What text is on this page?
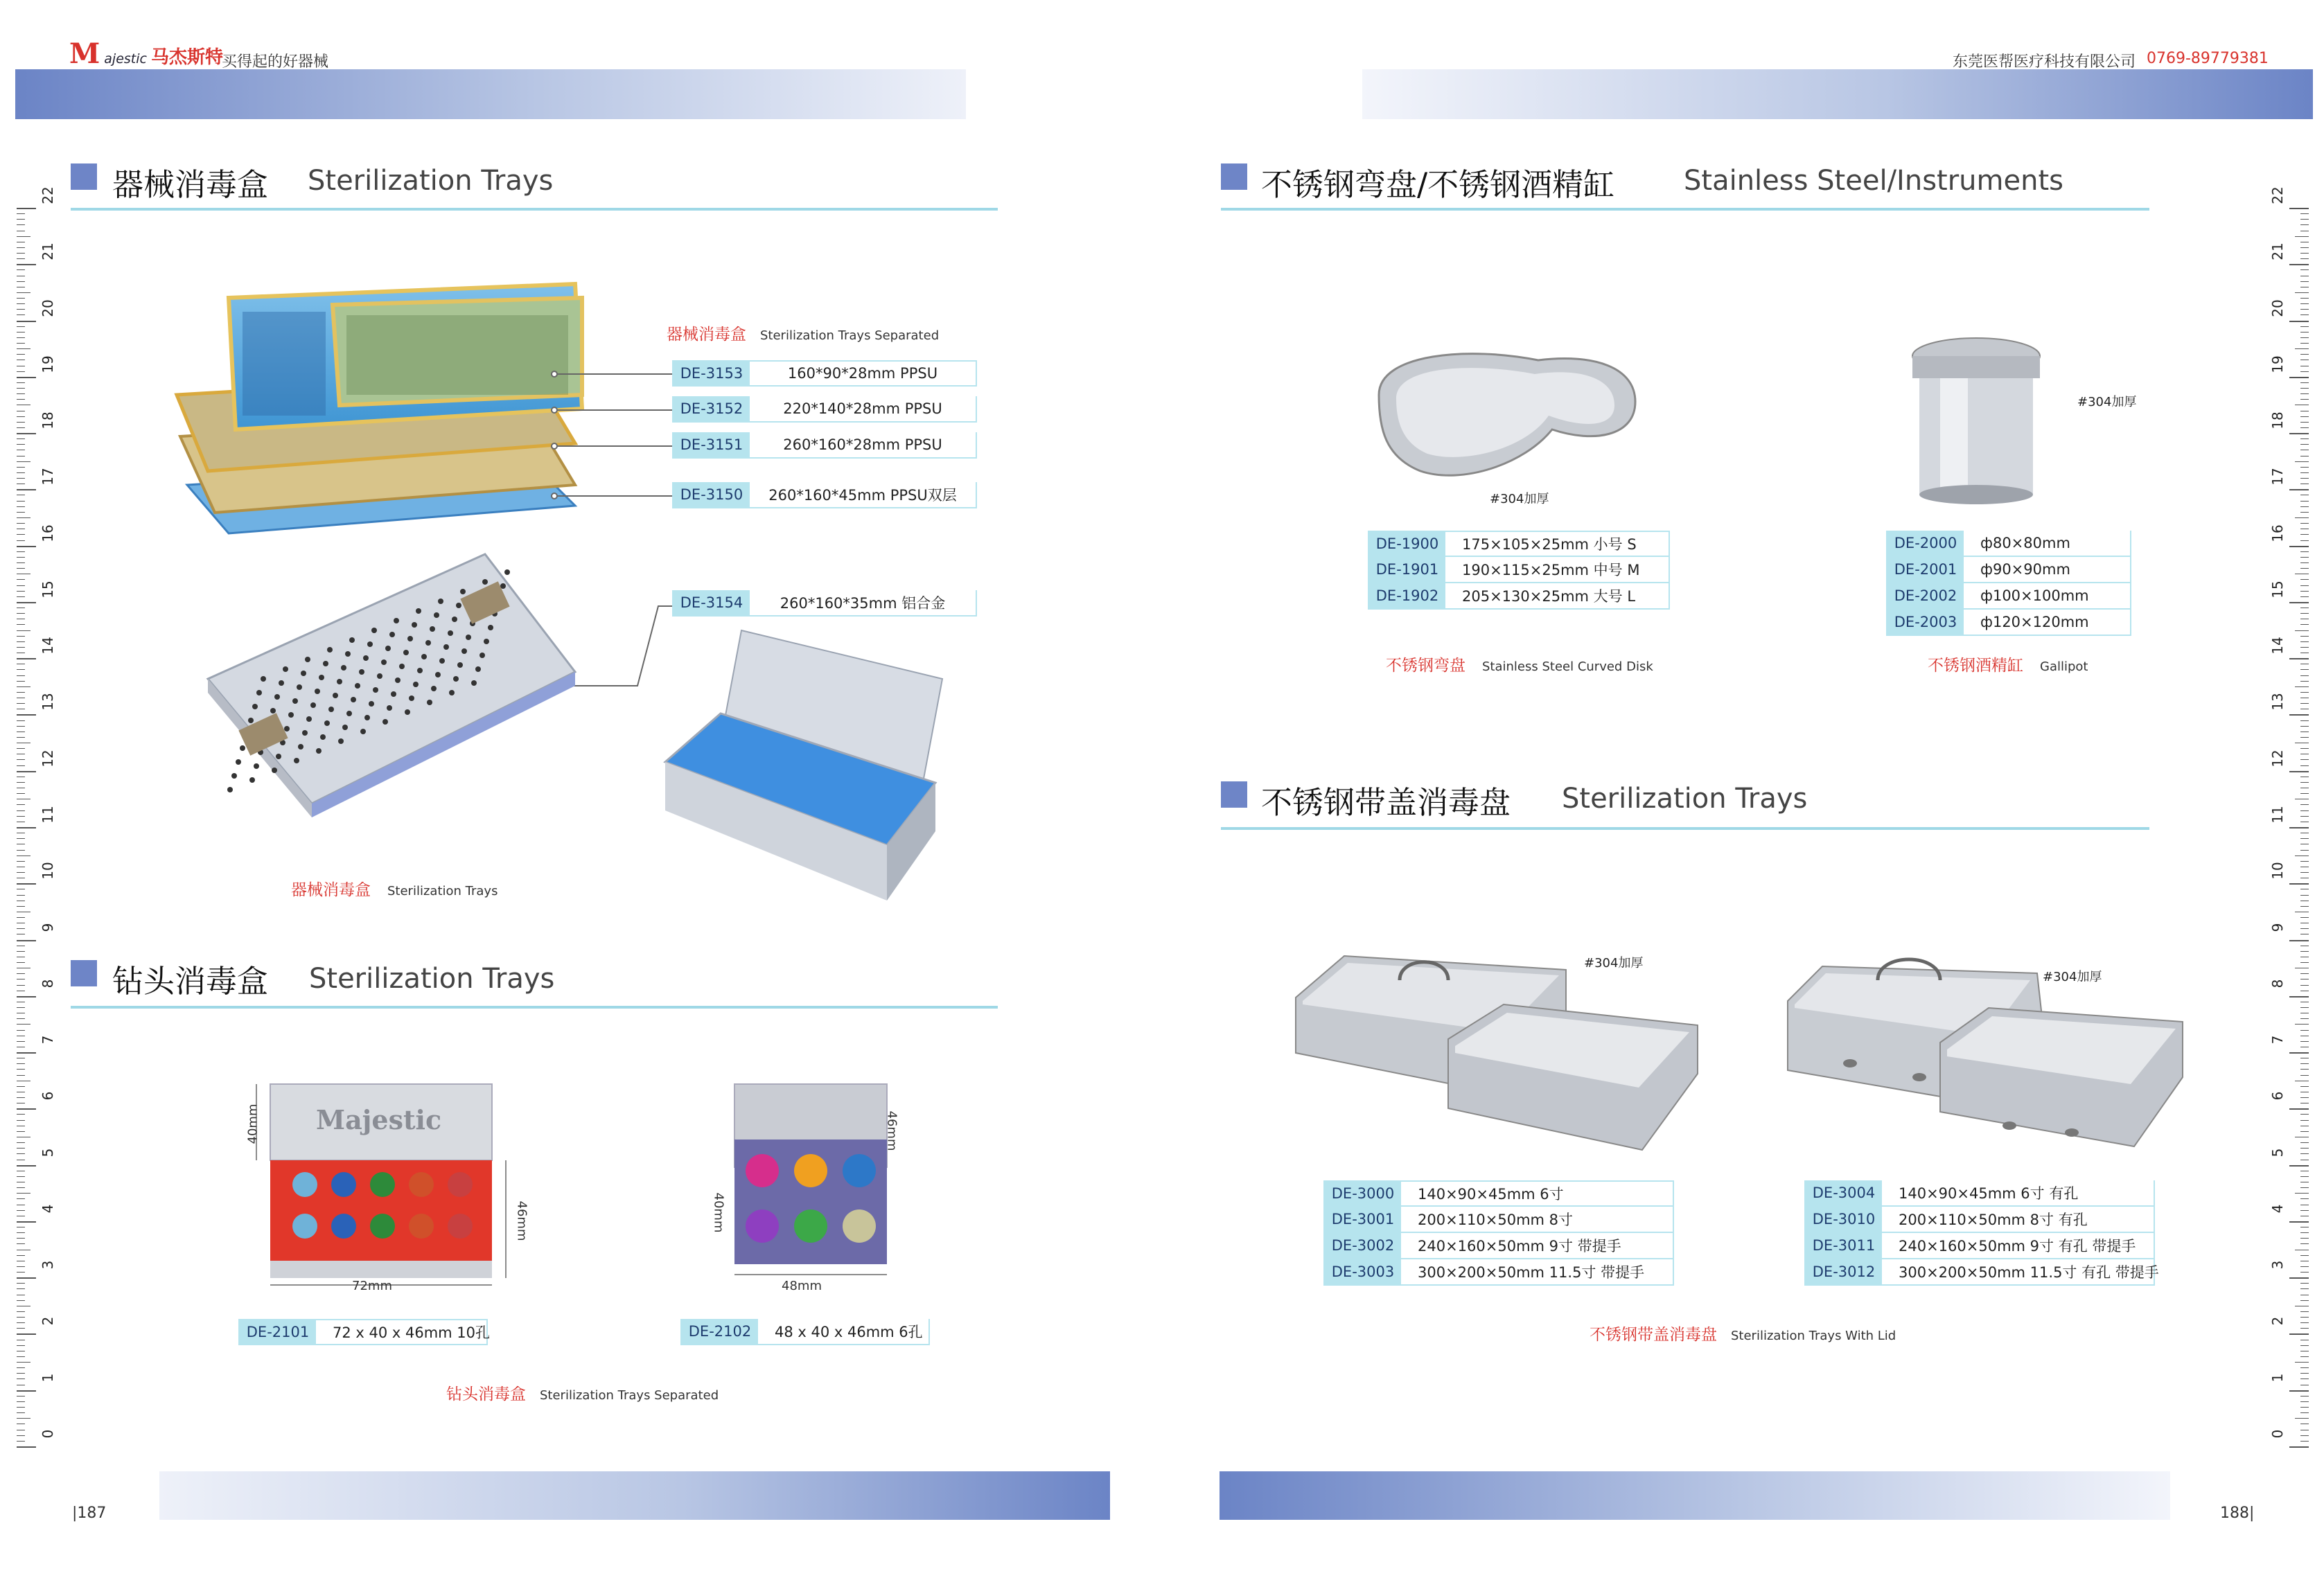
M ajestic 马杰斯特
买得起的好器械	东莞医帮医疗科技有限公司 0769-89779381
22
21
20
19
18
17
16
15
14
13
12
11
10
9
8
7
6
5
4
3
2
1
0
22
21
20
19
18
17
16
15
14
13
12
11
10
9
8
7
6
5
4
3
2
1
0
器械消毒盒 Sterilization Trays
器械消毒盒 Sterilization Trays Separated
DE-3153	160*90*28mm PPSU
DE-3152	220*140*28mm PPSU
DE-3151	260*160*28mm PPSU
DE-3150	260*160*45mm PPSU双层
DE-3154	260*160*35mm 铝合金
器械消毒盒 Sterilization Trays
钻头消毒盒 Sterilization Trays
Majestic
72mm
40mm
46mm
48mm
40mm
46mm
DE-2101	72 x 40 x 46mm 10孔	DE-2102	48 x 40 x 46mm 6孔
钻头消毒盒 Sterilization Trays Separated
|187
不锈钢弯盘/不锈钢酒精缸 Stainless Steel/Instruments
#304加厚
#304加厚
DE-1900	175×105×25mm 小号 S
DE-1901	190×115×25mm 中号 M
DE-1902	205×130×25mm 大号 L
DE-2000	ф80×80mm
DE-2001	ф90×90mm
DE-2002	ф100×100mm
DE-2003	ф120×120mm
不锈钢弯盘 Stainless Steel Curved Disk	不锈钢酒精缸 Gallipot
不锈钢带盖消毒盘 Sterilization Trays
#304加厚
#304加厚
DE-3000	140×90×45mm 6寸
DE-3001	200×110×50mm 8寸
DE-3002	240×160×50mm 9寸 带提手
DE-3003	300×200×50mm 11.5寸 带提手
DE-3004	140×90×45mm 6寸 有孔
DE-3010	200×110×50mm 8寸 有孔
DE-3011	240×160×50mm 9寸 有孔 带提手
DE-3012	300×200×50mm 11.5寸 有孔 带提手
不锈钢带盖消毒盘 Sterilization Trays With Lid
188|
